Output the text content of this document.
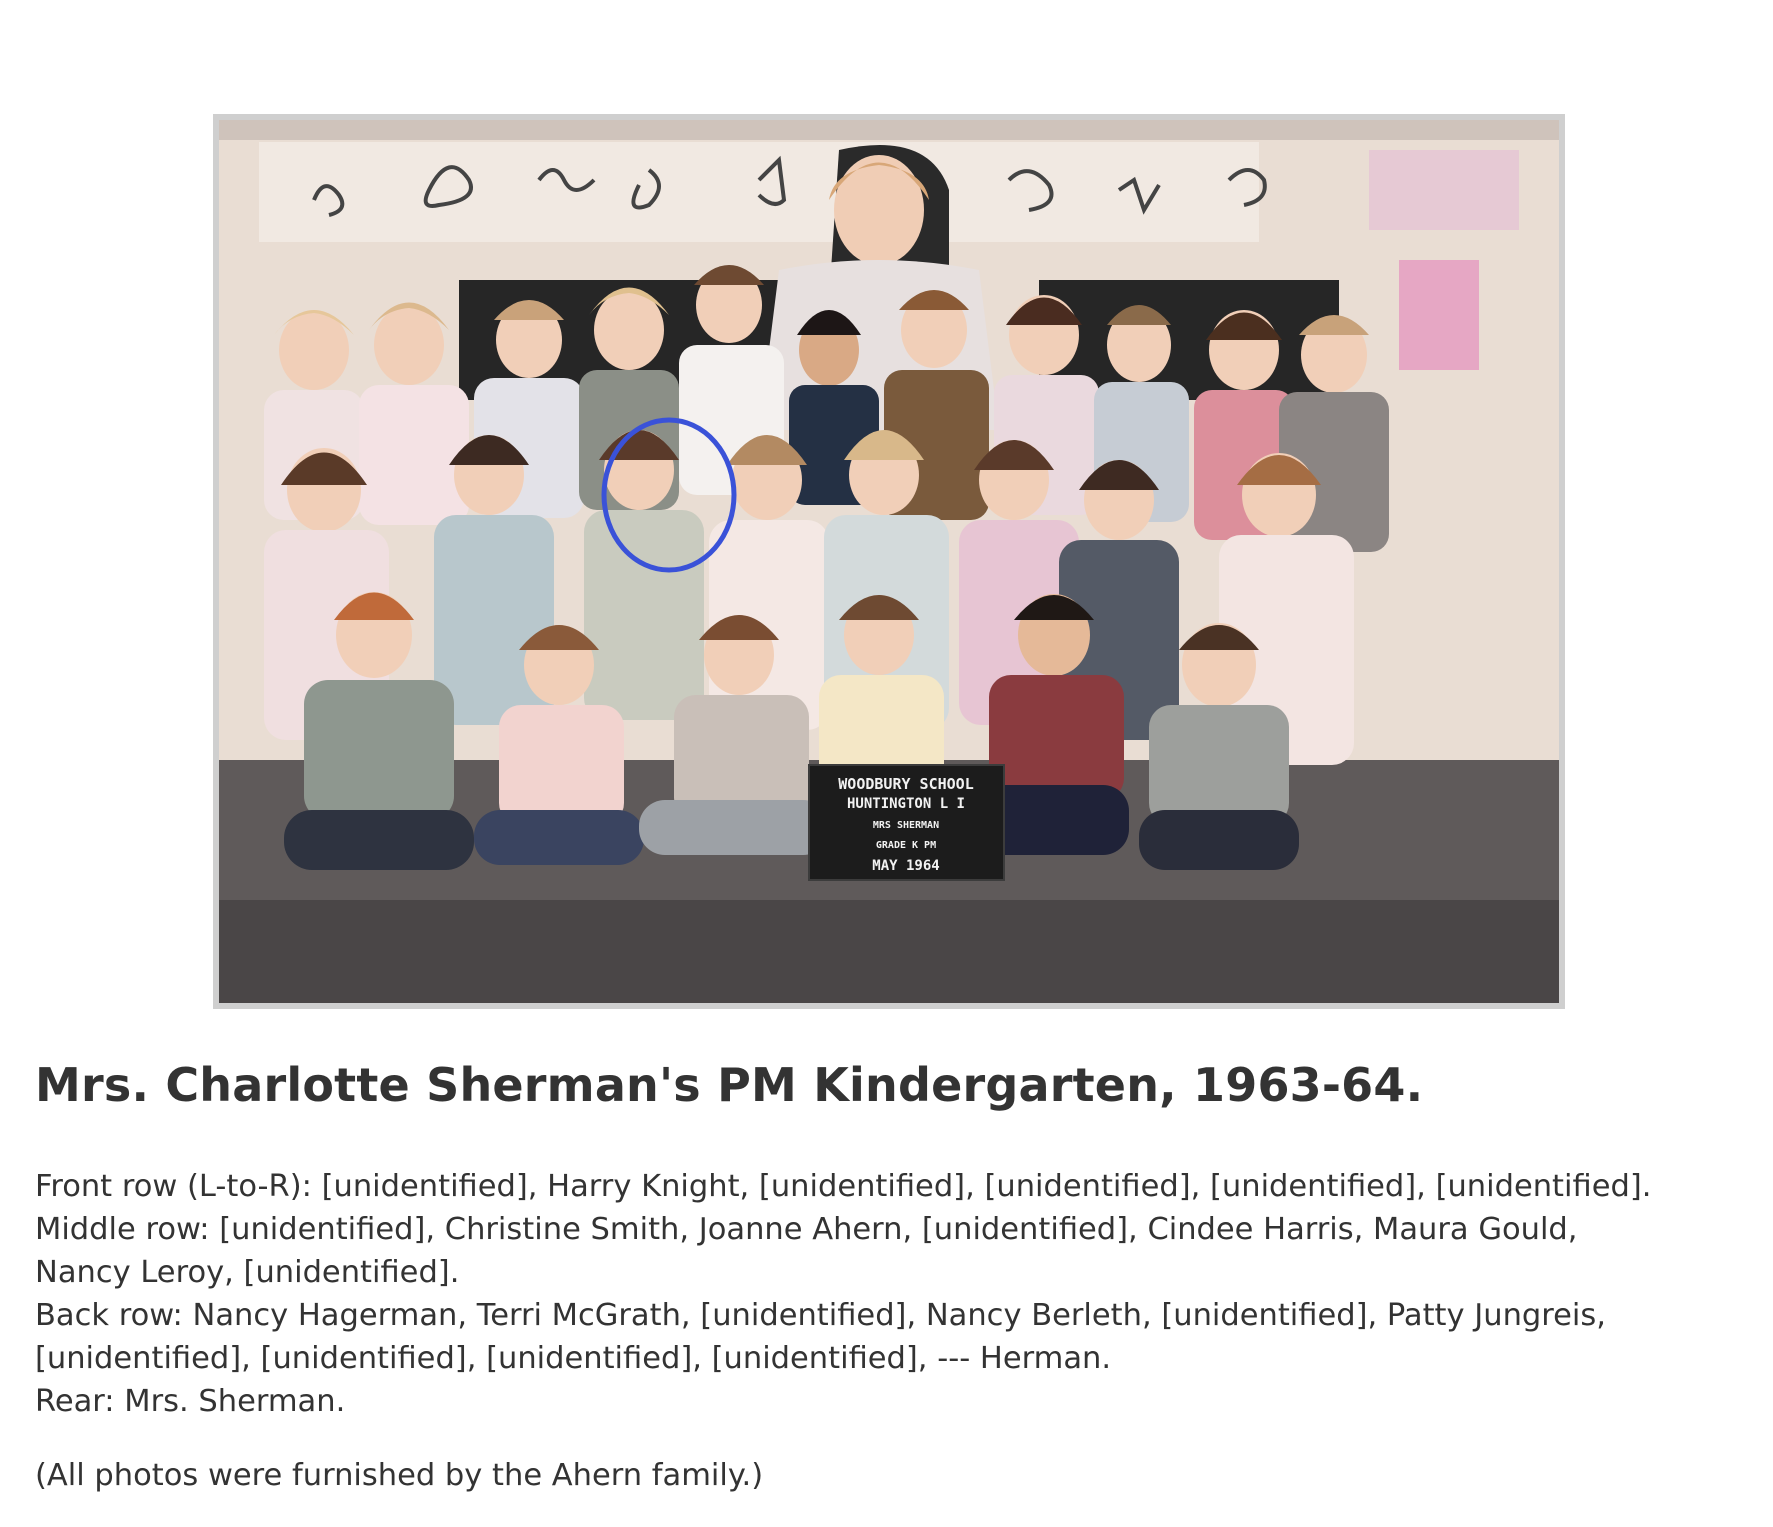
WOODBURY SCHOOL
HUNTINGTON L I
MRS SHERMAN
GRADE K PM
MAY 1964
Mrs. Charlotte Sherman's PM Kindergarten, 1963-64.
Front row (L-to-R): [unidentified], Harry Knight, [unidentified], [unidentified], [unidentified], [unidentified].
Middle row: [unidentified], Christine Smith, Joanne Ahern, [unidentified], Cindee Harris, Maura Gould,
Nancy Leroy, [unidentified].
Back row: Nancy Hagerman, Terri McGrath, [unidentified], Nancy Berleth, [unidentified], Patty Jungreis,
[unidentified], [unidentified], [unidentified], [unidentified], --- Herman.
Rear: Mrs. Sherman.
(All photos were furnished by the Ahern family.)
